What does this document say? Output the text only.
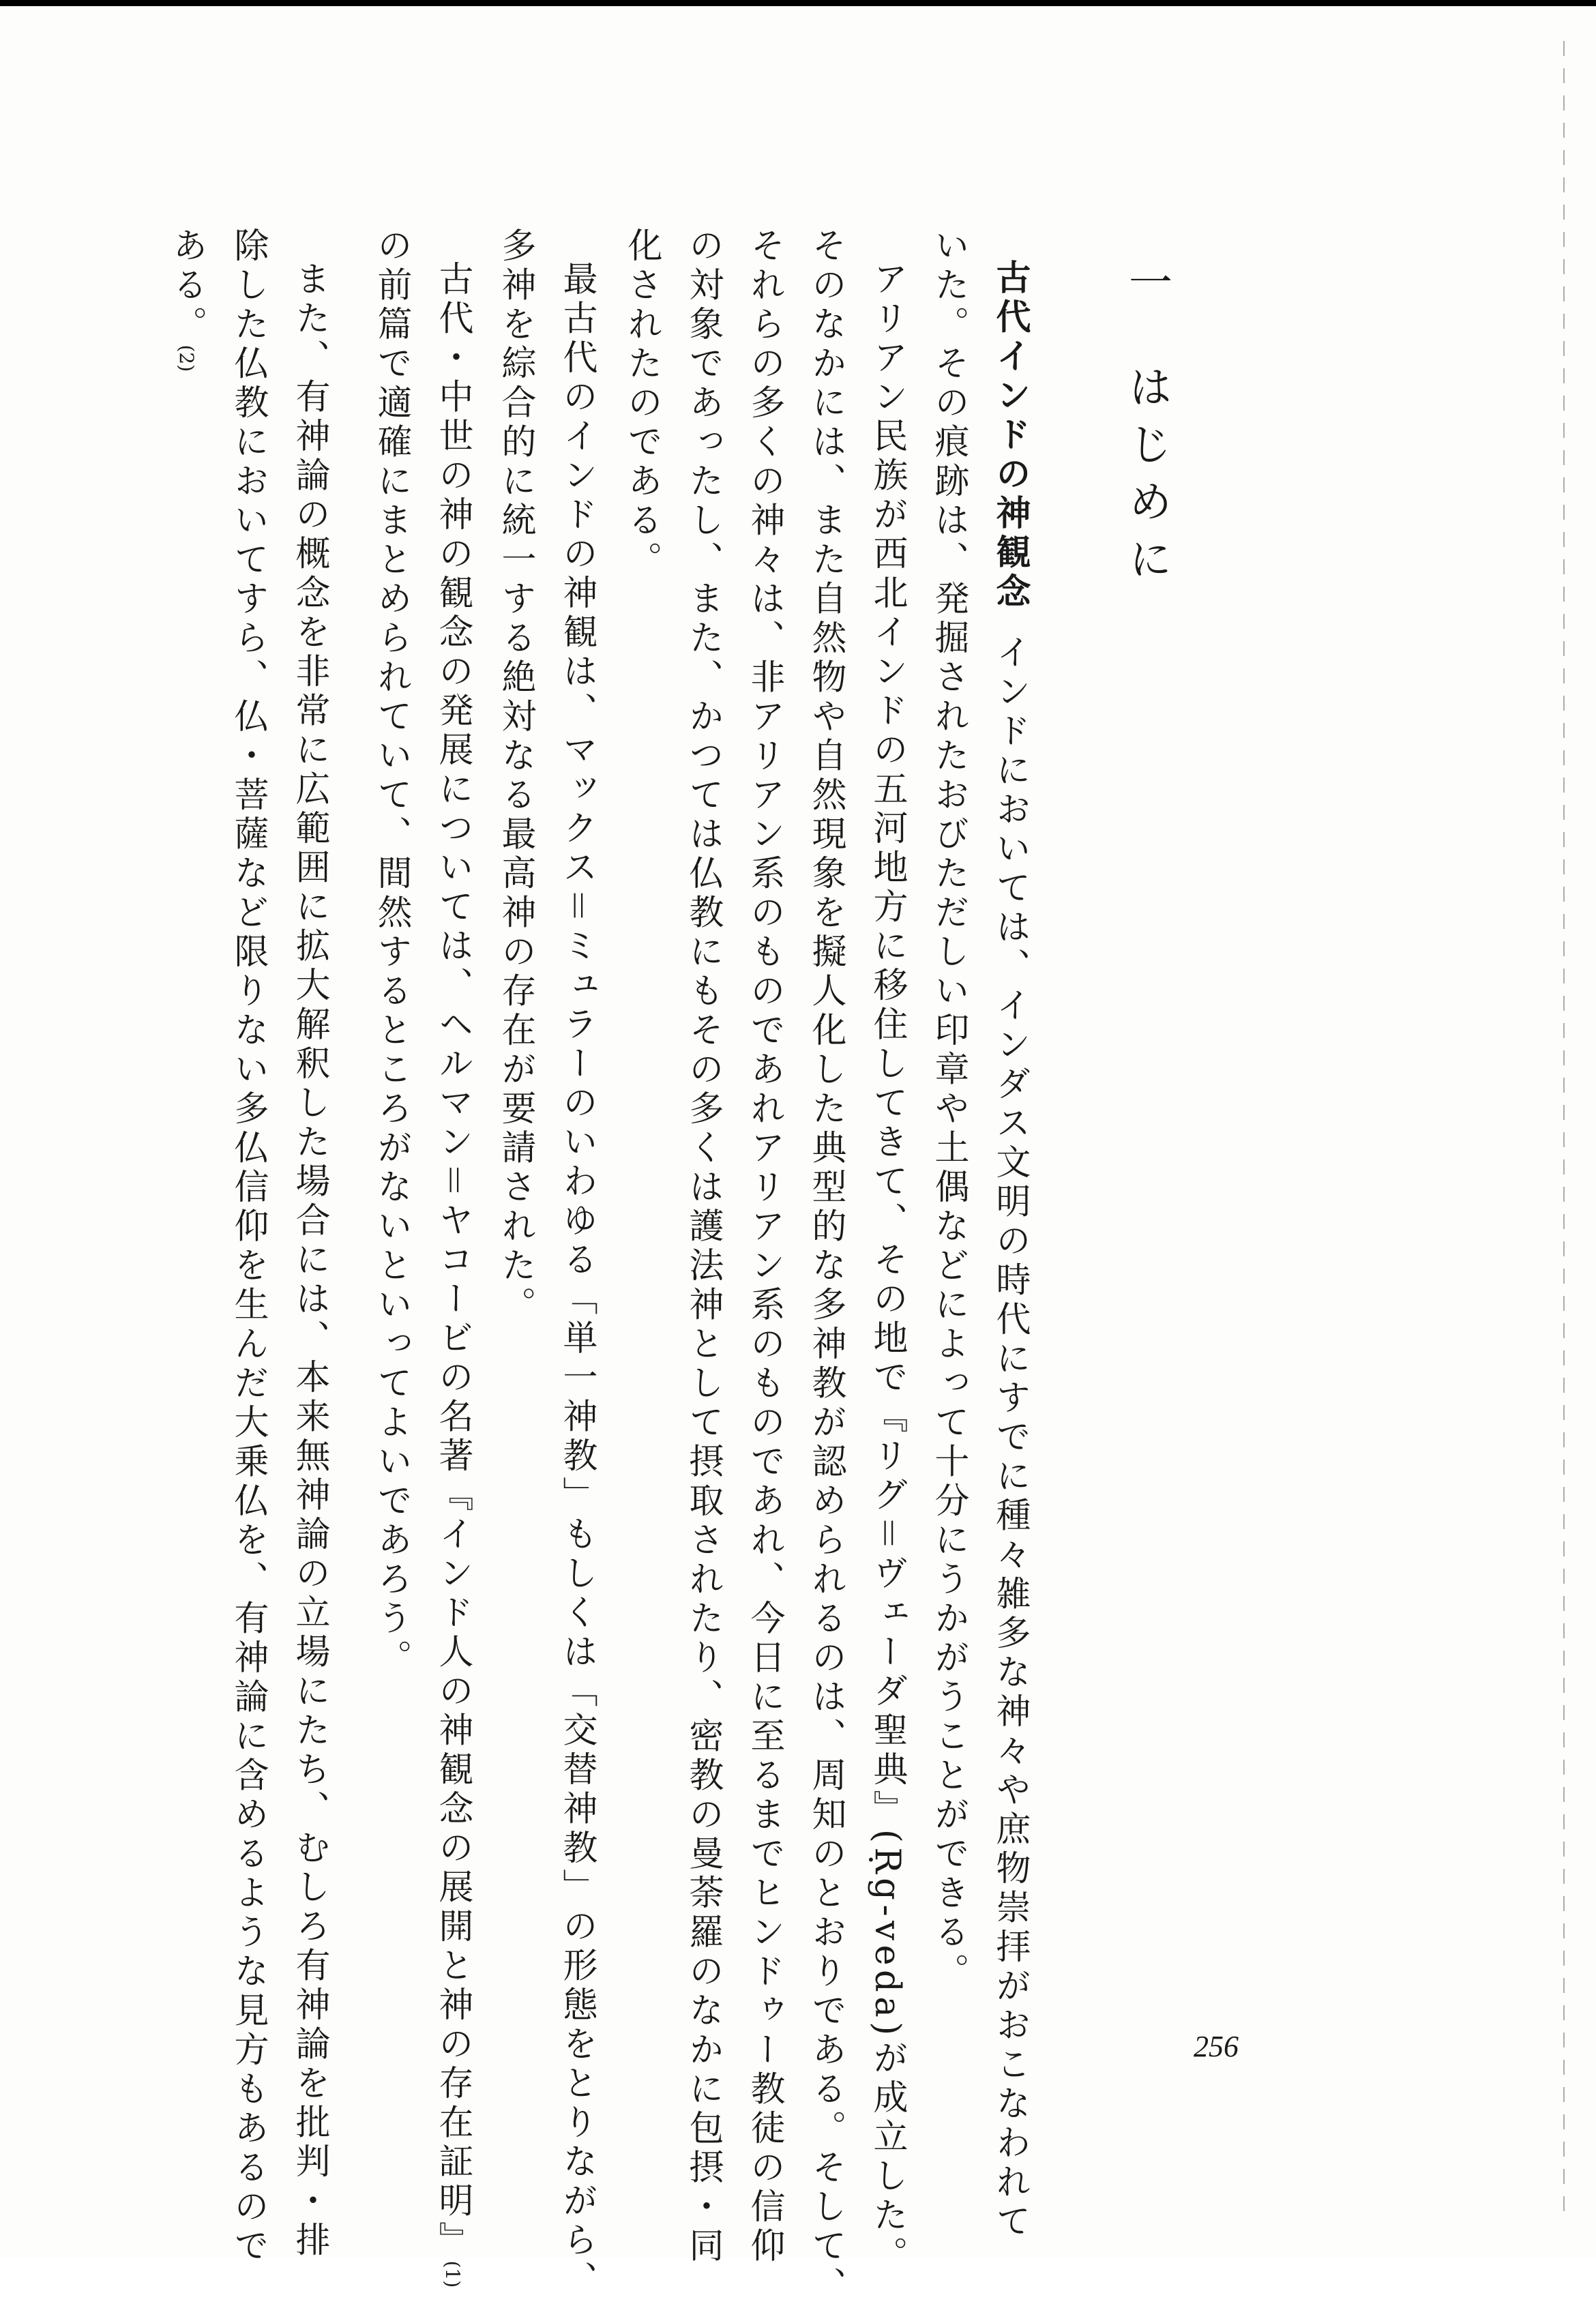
一はじめに
古代インドの神観念インドにおいては、インダス文明の時代にすでに種々雑多な神々や庶物崇拝がおこなわれて
いた。その痕跡は、発掘されたおびただしい印章や土偶などによって十分にうかがうことができる。
アリアン民族が西北インドの五河地方に移住してきて、その地で『リグ＝ヴェーダ聖典』(Ṛg-veda)が成立した。
そのなかには、また自然物や自然現象を擬人化した典型的な多神教が認められるのは、周知のとおりである。そして、
それらの多くの神々は、非アリアン系のものであれアリアン系のものであれ、今日に至るまでヒンドゥー教徒の信仰
の対象であったし、また、かつては仏教にもその多くは護法神として摂取されたり、密教の曼荼羅のなかに包摂・同
化されたのである。
最古代のインドの神観は、マックス＝ミュラーのいわゆる「単一神教」もしくは「交替神教」の形態をとりながら、
多神を綜合的に統一する絶対なる最高神の存在が要請された。
古代・中世の神の観念の発展については、ヘルマン＝ヤコービの名著『インド人の神観念の展開と神の存在証明』(1)
の前篇で適確にまとめられていて、間然するところがないといってよいであろう。
また、有神論の概念を非常に広範囲に拡大解釈した場合には、本来無神論の立場にたち、むしろ有神論を批判・排
除した仏教においてすら、仏・菩薩など限りない多仏信仰を生んだ大乗仏を、有神論に含めるような見方もあるので
ある。(2)
256
